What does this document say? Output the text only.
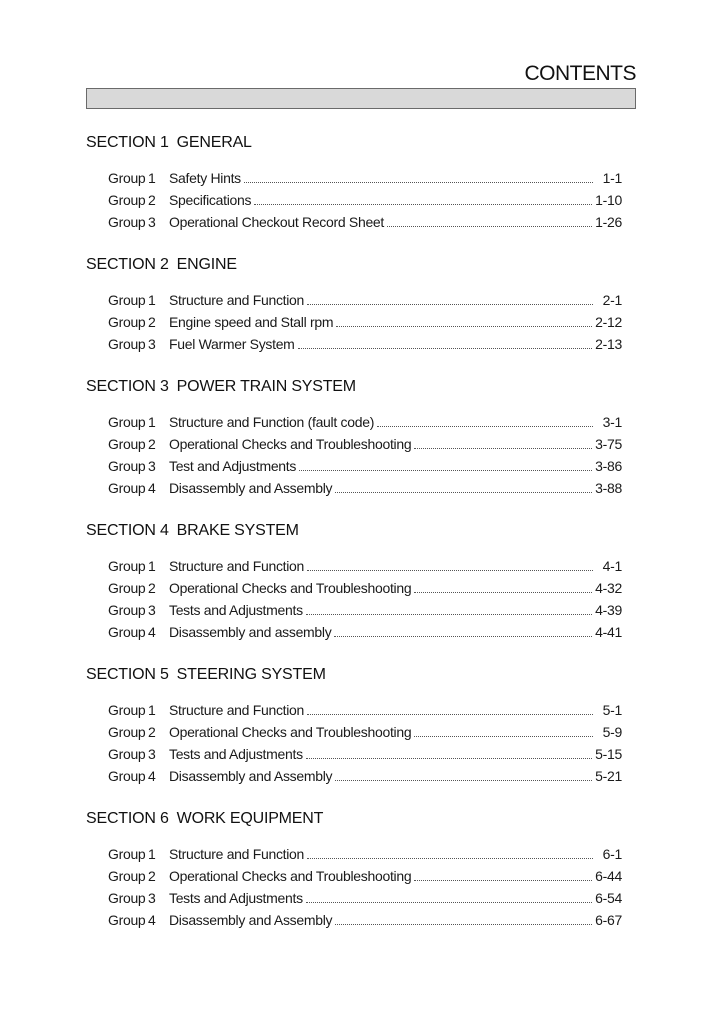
CONTENTS
SECTION 1 GENERAL
Group 1 Safety Hints	1-1
Group 2 Specifications	1-10
Group 3 Operational Checkout Record Sheet	1-26
SECTION 2 ENGINE
Group 1 Structure and Function	2-1
Group 2 Engine speed and Stall rpm	2-12
Group 3 Fuel Warmer System	2-13
SECTION 3 POWER TRAIN SYSTEM
Group 1 Structure and Function (fault code)	3-1
Group 2 Operational Checks and Troubleshooting	3-75
Group 3 Test and Adjustments	3-86
Group 4 Disassembly and Assembly	3-88
SECTION 4 BRAKE SYSTEM
Group 1 Structure and Function	4-1
Group 2 Operational Checks and Troubleshooting	4-32
Group 3 Tests and Adjustments	4-39
Group 4 Disassembly and assembly	4-41
SECTION 5 STEERING SYSTEM
Group 1 Structure and Function	5-1
Group 2 Operational Checks and Troubleshooting	5-9
Group 3 Tests and Adjustments	5-15
Group 4 Disassembly and Assembly	5-21
SECTION 6 WORK EQUIPMENT
Group 1 Structure and Function	6-1
Group 2 Operational Checks and Troubleshooting	6-44
Group 3 Tests and Adjustments	6-54
Group 4 Disassembly and Assembly	6-67
